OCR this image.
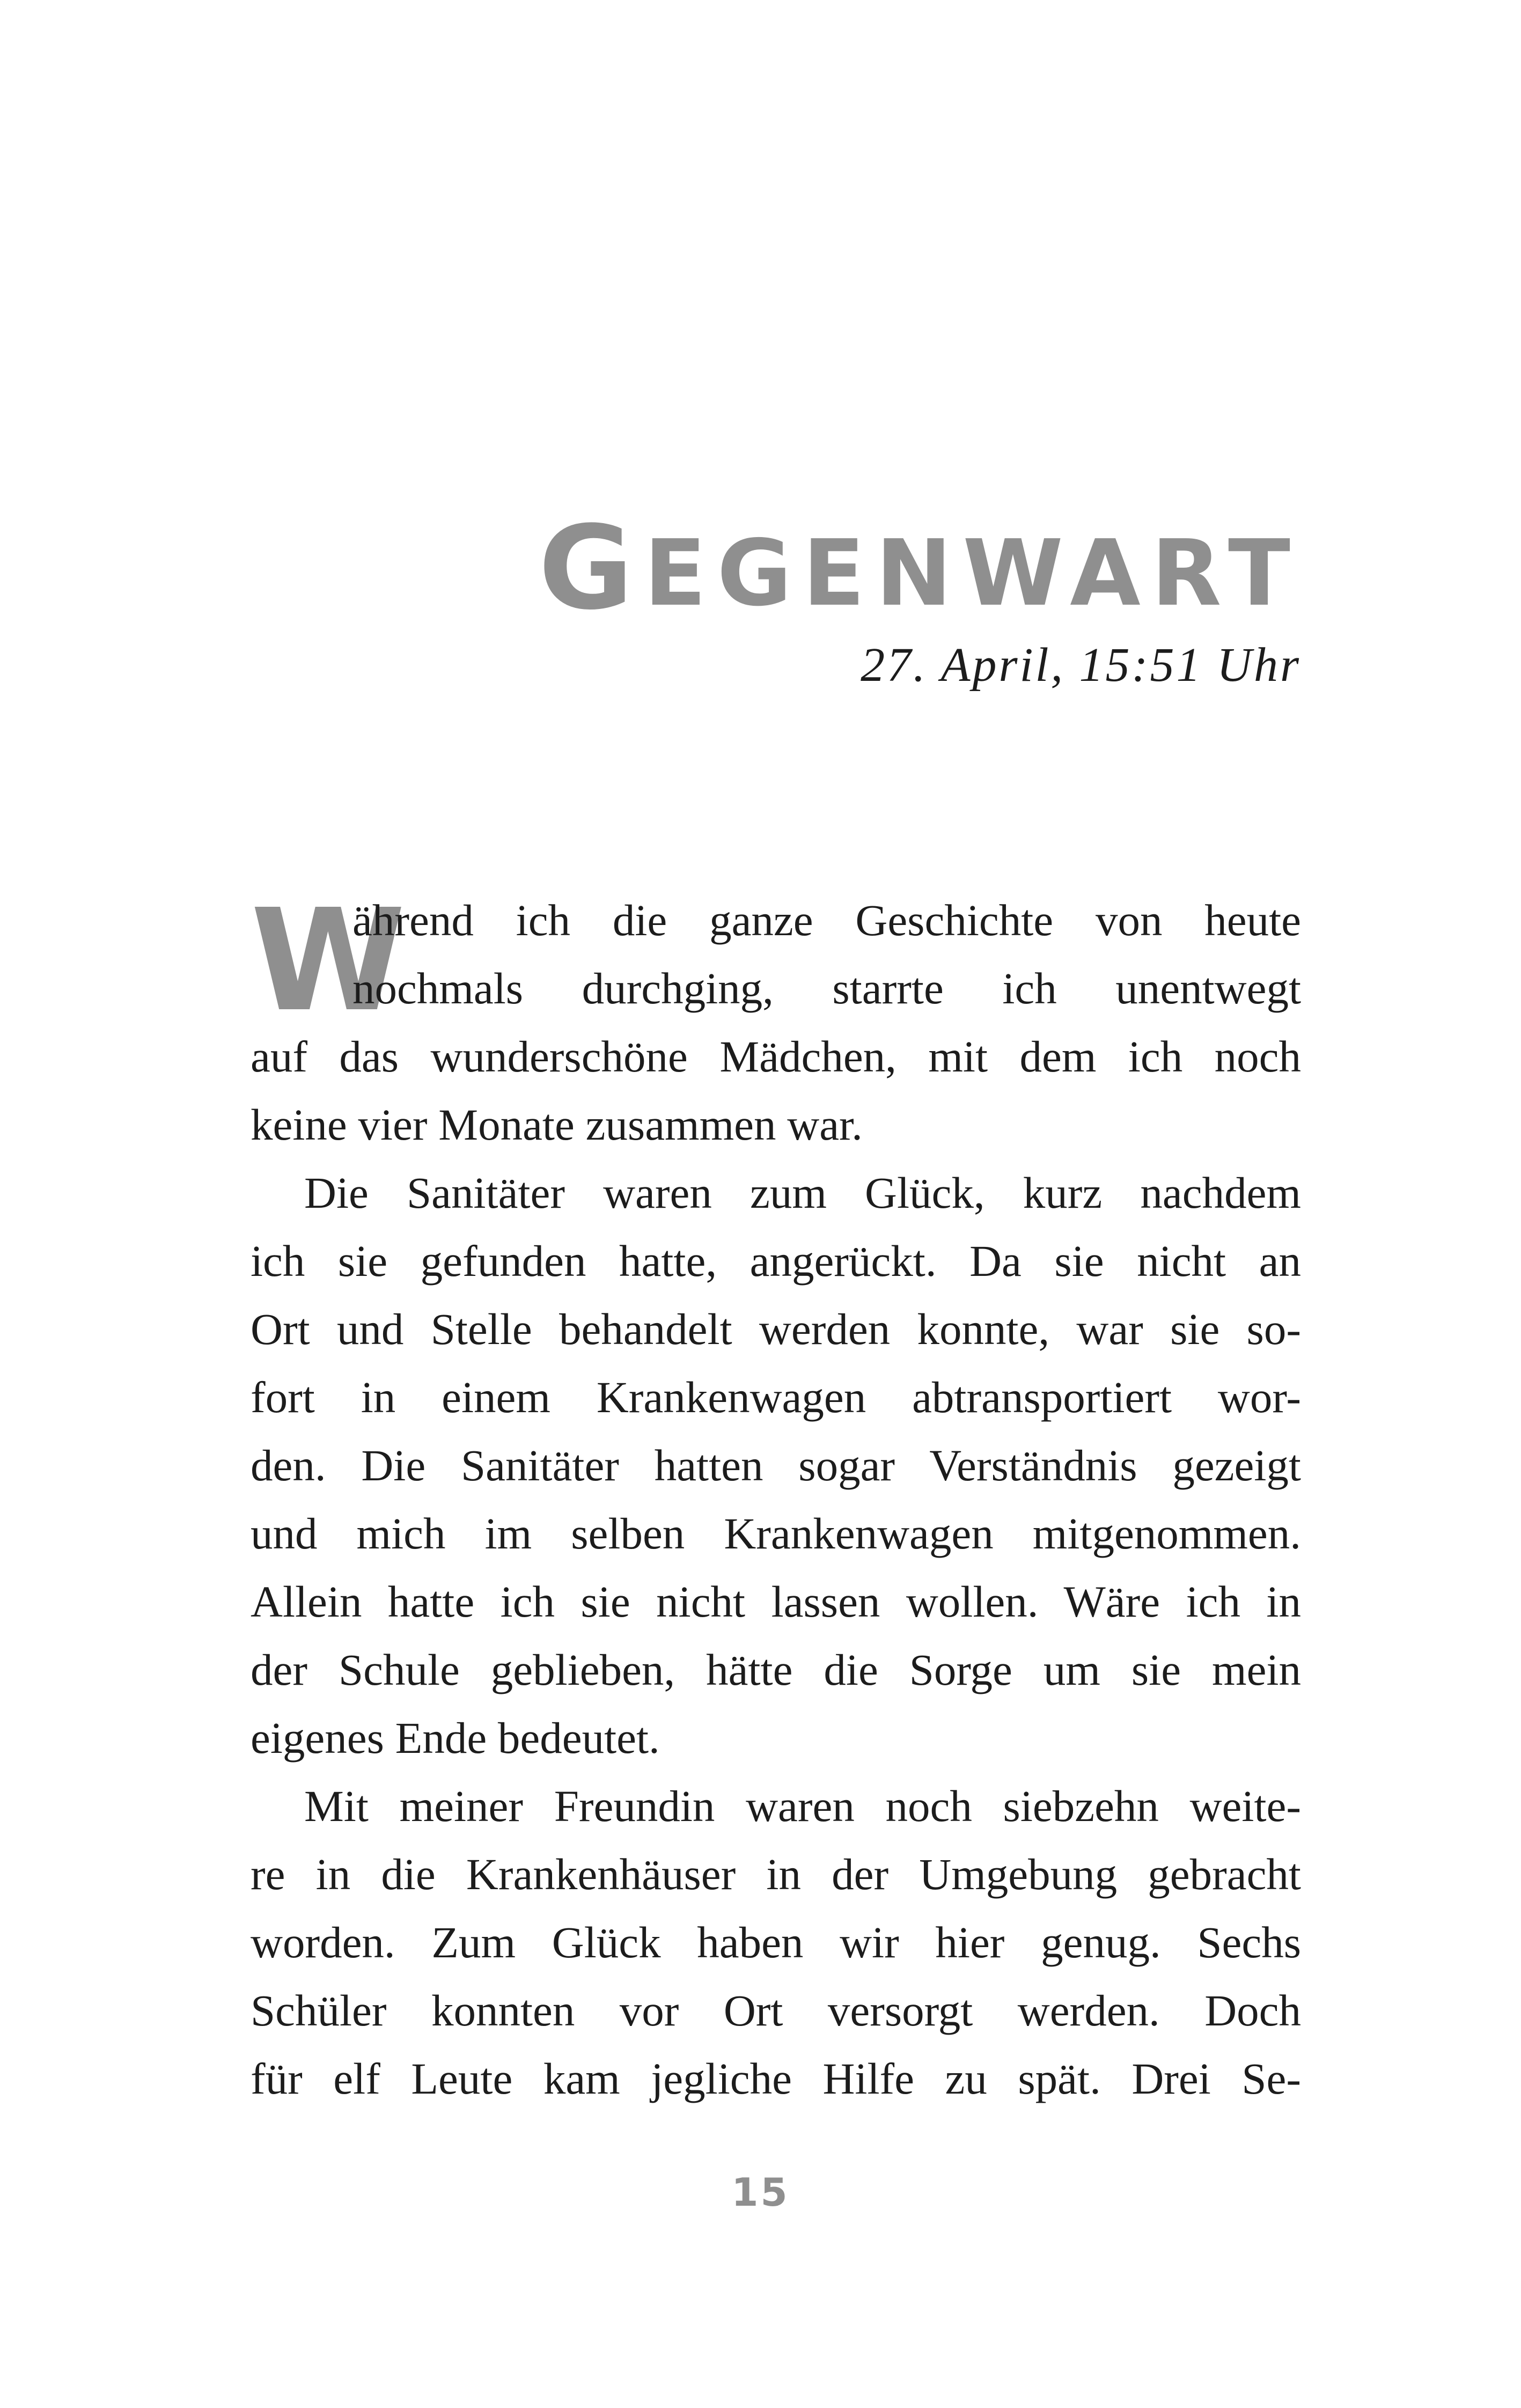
GEGENWART

27. April, 15:51 Uhr

W
ährend ich die ganze Geschichte von heute
nochmals durchging, starrte ich unentwegt
auf das wunderschöne Mädchen, mit dem ich noch
keine vier Monate zusammen war.
Die Sanitäter waren zum Glück, kurz nachdem
ich sie gefunden hatte, angerückt. Da sie nicht an
Ort und Stelle behandelt werden konnte, war sie so-
fort in einem Krankenwagen abtransportiert wor-
den. Die Sanitäter hatten sogar Verständnis gezeigt
und mich im selben Krankenwagen mitgenommen.
Allein hatte ich sie nicht lassen wollen. Wäre ich in
der Schule geblieben, hätte die Sorge um sie mein
eigenes Ende bedeutet.
Mit meiner Freundin waren noch siebzehn weite-
re in die Krankenhäuser in der Umgebung gebracht
worden. Zum Glück haben wir hier genug. Sechs
Schüler konnten vor Ort versorgt werden. Doch
für elf Leute kam jegliche Hilfe zu spät. Drei Se-
15
